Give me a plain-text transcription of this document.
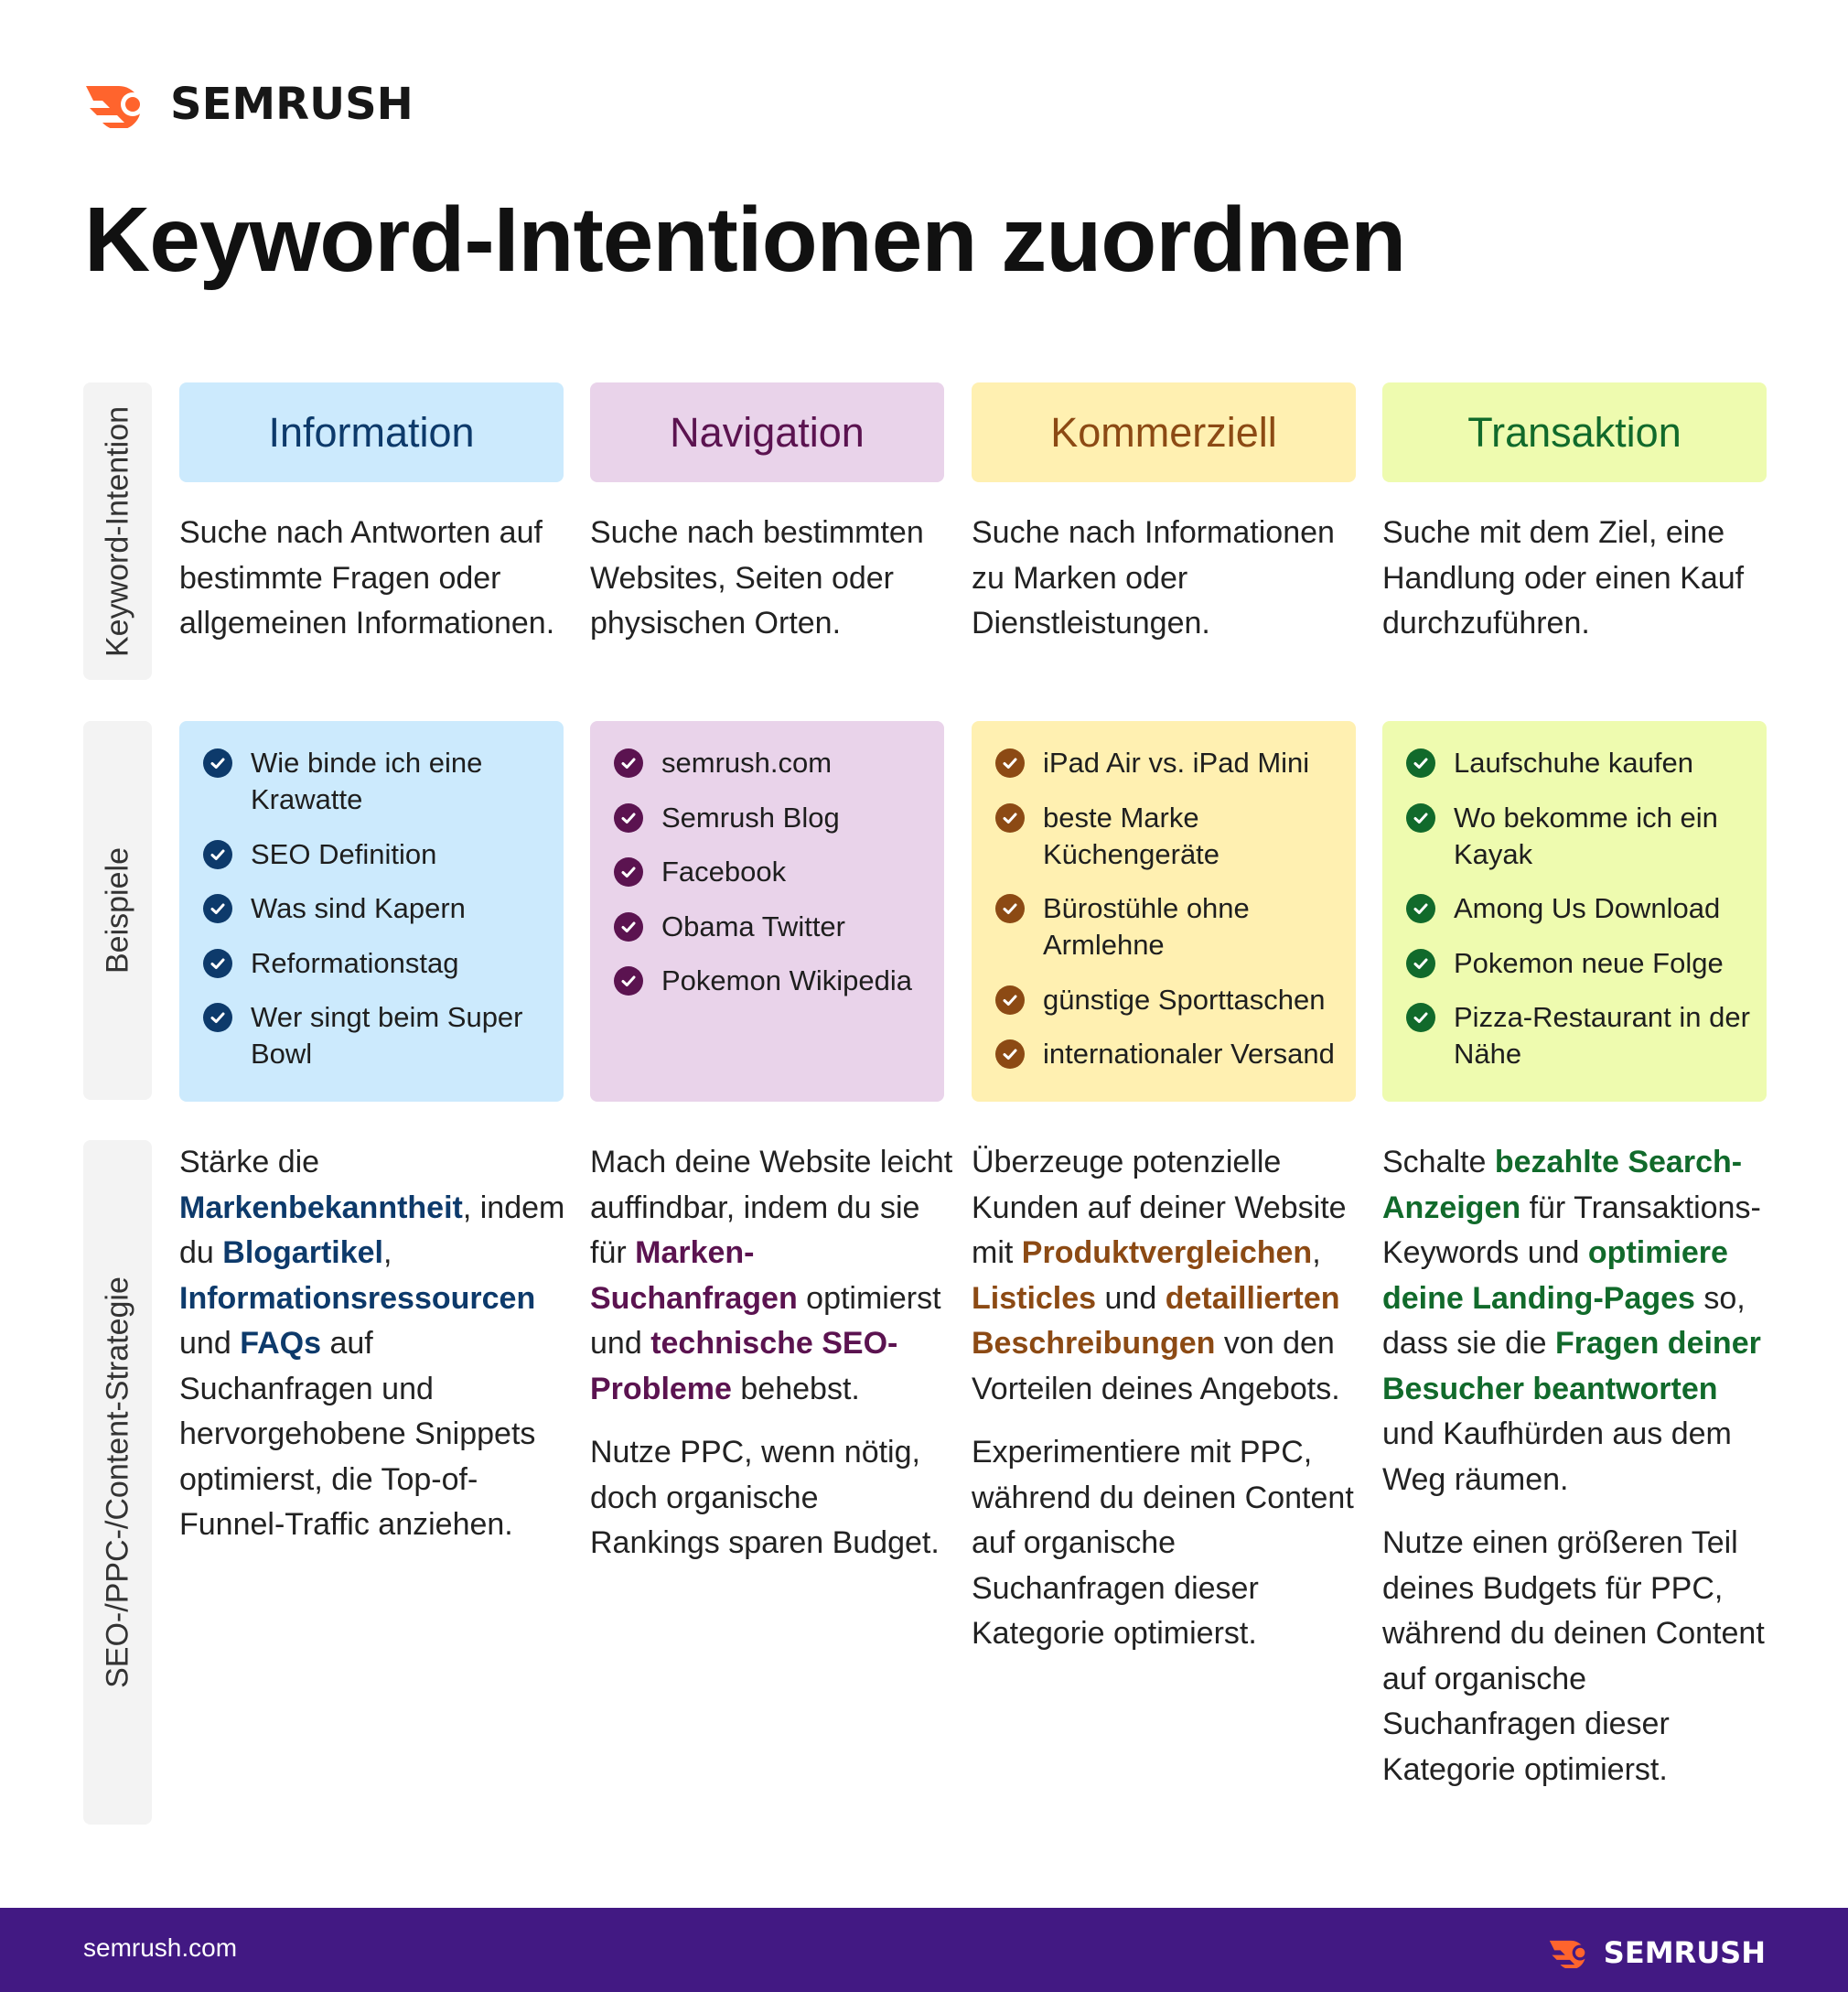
SEMRUSH
Keyword-Intentionen zuordnen
Keyword-Intention
Beispiele
SEO-/PPC-/Content-Strategie
Information
Suche nach Antworten auf bestimmte Fragen oder allgemeinen Informationen.
Wie binde ich eine Krawatte
SEO Definition
Was sind Kapern
Reformationstag
Wer singt beim Super Bowl

Stärke die Markenbekanntheit, indem du Blogartikel, Informationsressourcen und FAQs auf Suchanfragen und hervorgehobene Snippets optimierst, die Top-of-Funnel-Traffic anziehen.

Navigation
Suche nach bestimmten Websites, Seiten oder physischen Orten.
semrush.com
Semrush Blog
Facebook
Obama Twitter
Pokemon Wikipedia

Mach deine Website leicht auffindbar, indem du sie für Marken-Suchanfragen optimierst und technische SEO-Probleme behebst.

Nutze PPC, wenn nötig, doch organische Rankings sparen Budget.

Kommerziell
Suche nach Informationen zu Marken oder Dienstleistungen.
iPad Air vs. iPad Mini
beste Marke Küchengeräte
Bürostühle ohne Armlehne
günstige Sporttaschen
internationaler Versand

Überzeuge potenzielle Kunden auf deiner Website mit Produktvergleichen, Listicles und detaillierten Beschreibungen von den Vorteilen deines Angebots.

Experimentiere mit PPC, während du deinen Content auf organische Suchanfragen dieser Kategorie optimierst.

Transaktion
Suche mit dem Ziel, eine Handlung oder einen Kauf durchzuführen.
Laufschuhe kaufen
Wo bekomme ich ein Kayak
Among Us Download
Pokemon neue Folge
Pizza-Restaurant in der Nähe

Schalte bezahlte Search-Anzeigen für Transaktions-Keywords und optimiere deine Landing-Pages so, dass sie die Fragen deiner Besucher beantworten und Kaufhürden aus dem Weg räumen.

Nutze einen größeren Teil deines Budgets für PPC, während du deinen Content auf organische Suchanfragen dieser Kategorie optimierst.

semrush.com	SEMRUSH
